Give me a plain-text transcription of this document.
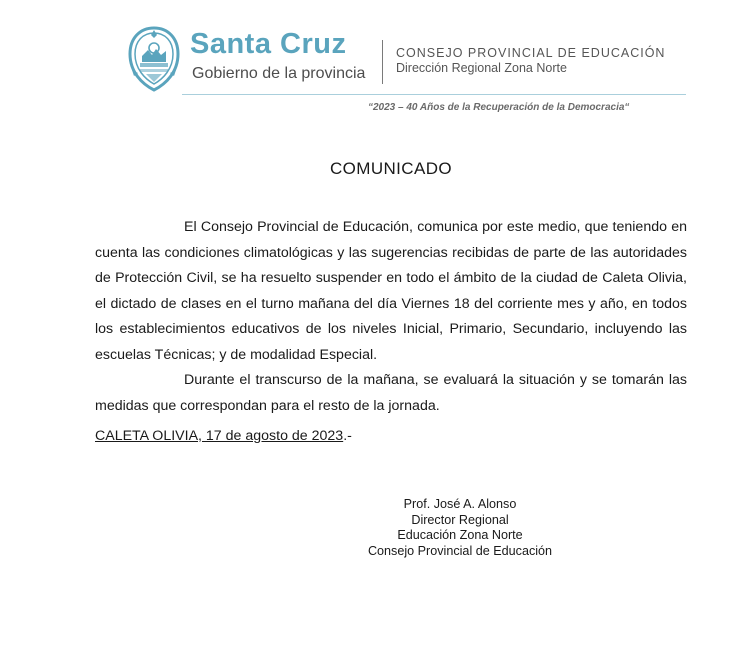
Santa Cruz
Gobierno de la provincia
CONSEJO PROVINCIAL DE EDUCACIÓN
Dirección Regional Zona Norte
“2023 – 40 Años de la Recuperación de la Democracia“
COMUNICADO
El Consejo Provincial de Educación, comunica por este medio, que teniendo en cuenta las condiciones climatológicas y las sugerencias recibidas de parte de las autoridades de Protección Civil, se ha resuelto suspender en todo el ámbito de la ciudad de Caleta Olivia, el dictado de clases en el turno mañana del día Viernes 18 del corriente mes y año, en todos los establecimientos educativos de los niveles Inicial, Primario, Secundario, incluyendo las escuelas Técnicas; y de modalidad Especial.
Durante el transcurso de la mañana, se evaluará la situación y se tomarán las medidas que correspondan para el resto de la jornada.
CALETA OLIVIA, 17 de agosto de 2023.-
Prof. José A. Alonso
Director Regional
Educación Zona Norte
Consejo Provincial de Educación
